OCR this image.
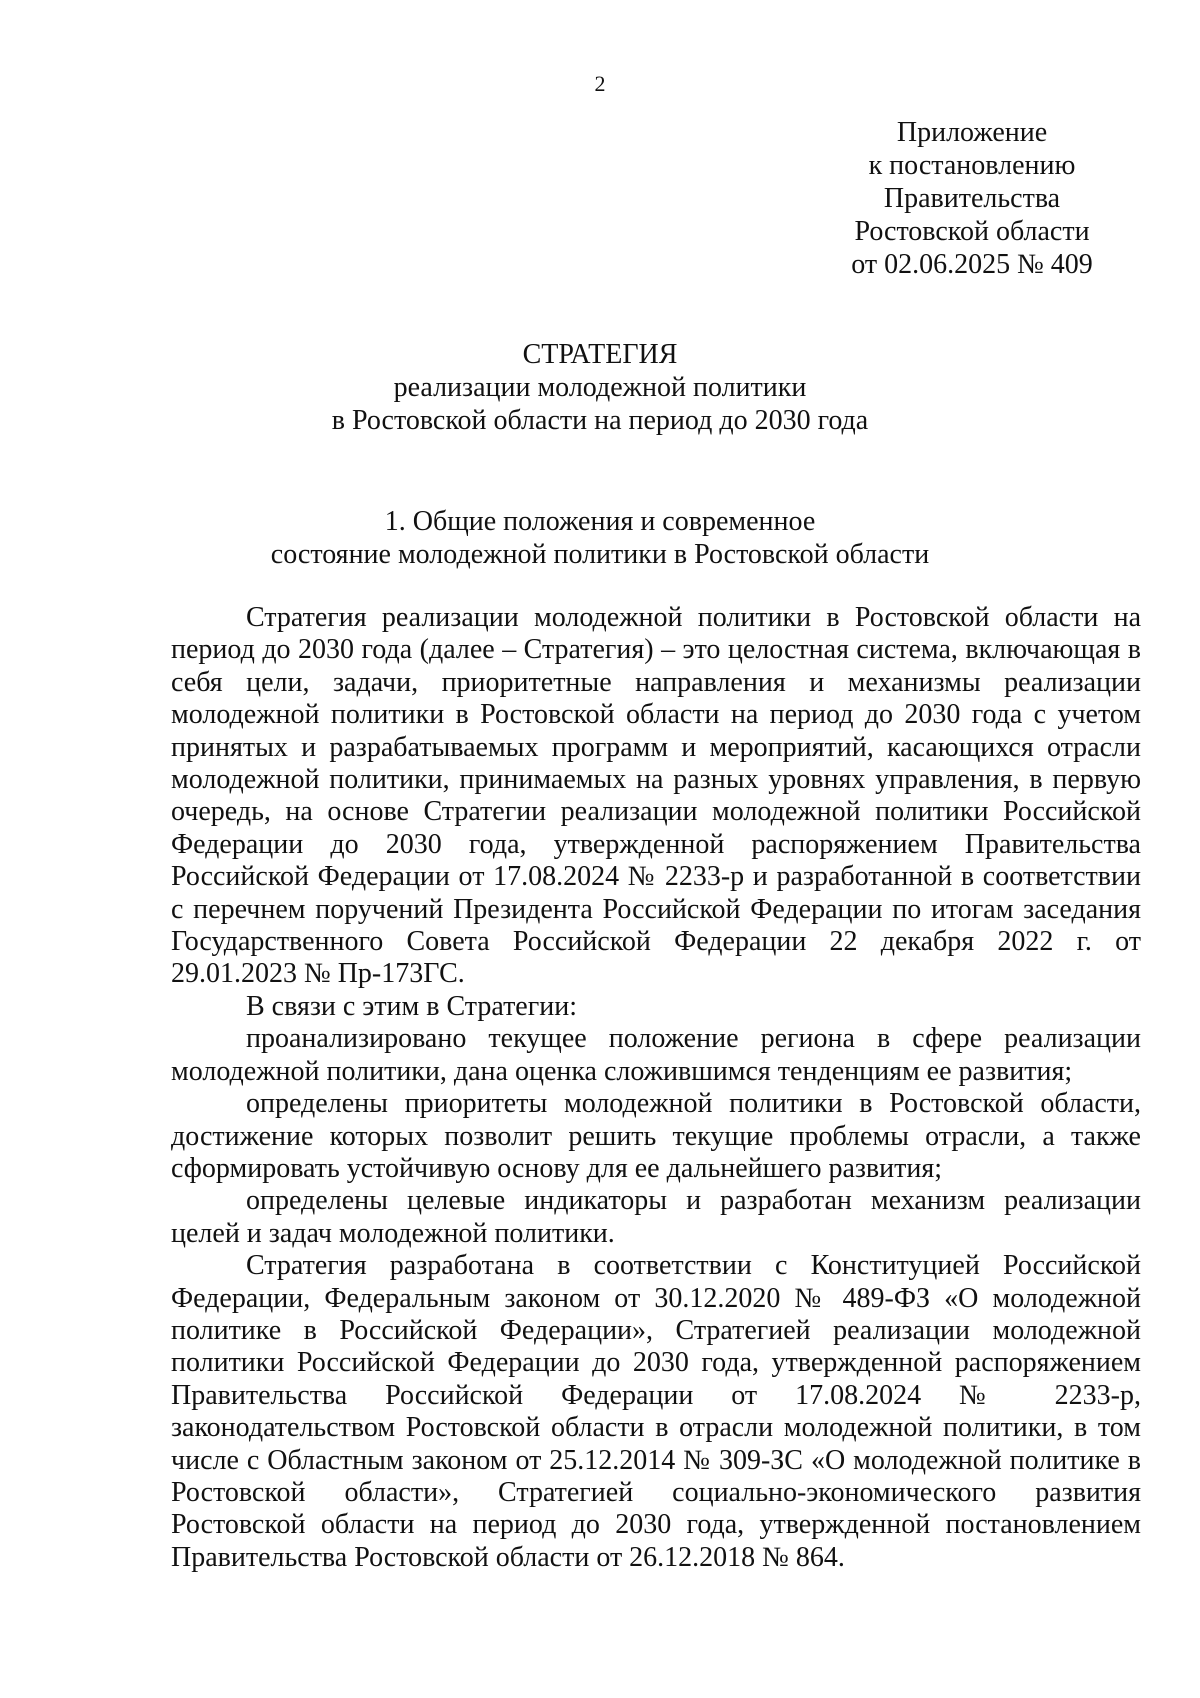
2
Приложение
к постановлению
Правительства
Ростовской области
от 02.06.2025 № 409
СТРАТЕГИЯ
реализации молодежной политики
в Ростовской области на период до 2030 года
1. Общие положения и современное
состояние молодежной политики в Ростовской области

Стратегия реализации молодежной политики в Ростовской области на период до 2030 года (далее – Стратегия) – это целостная система, включающая в себя цели, задачи, приоритетные направления и механизмы реализации молодежной политики в Ростовской области на период до 2030 года с учетом принятых и разрабатываемых программ и мероприятий, касающихся отрасли молодежной политики, принимаемых на разных уровнях управления, в первую очередь, на основе Стратегии реализации молодежной политики Российской Федерации до 2030 года, утвержденной распоряжением Правительства Российской Федерации от 17.08.2024 № 2233-р и разработанной в соответствии с перечнем поручений Президента Российской Федерации по итогам заседания Государственного Совета Российской Федерации 22 декабря 2022 г. от 29.01.2023 № Пр-173ГС.

В связи с этим в Стратегии:

проанализировано текущее положение региона в сфере реализации молодежной политики, дана оценка сложившимся тенденциям ее развития;

определены приоритеты молодежной политики в Ростовской области, достижение которых позволит решить текущие проблемы отрасли, а также сформировать устойчивую основу для ее дальнейшего развития;

определены целевые индикаторы и разработан механизм реализации целей и задач молодежной политики.

Стратегия разработана в соответствии с Конституцией Российской Федерации, Федеральным законом от 30.12.2020 № 489-ФЗ «О молодежной политике в Российской Федерации», Стратегией реализации молодежной политики Российской Федерации до 2030 года, утвержденной распоряжением Правительства Российской Федерации от 17.08.2024 № 2233-р, законодательством Ростовской области в отрасли молодежной политики, в том числе с Областным законом от 25.12.2014 № 309-ЗС «О молодежной политике в Ростовской области», Стратегией социально-экономического развития Ростовской области на период до 2030 года, утвержденной постановлением Правительства Ростовской области от 26.12.2018 № 864.
